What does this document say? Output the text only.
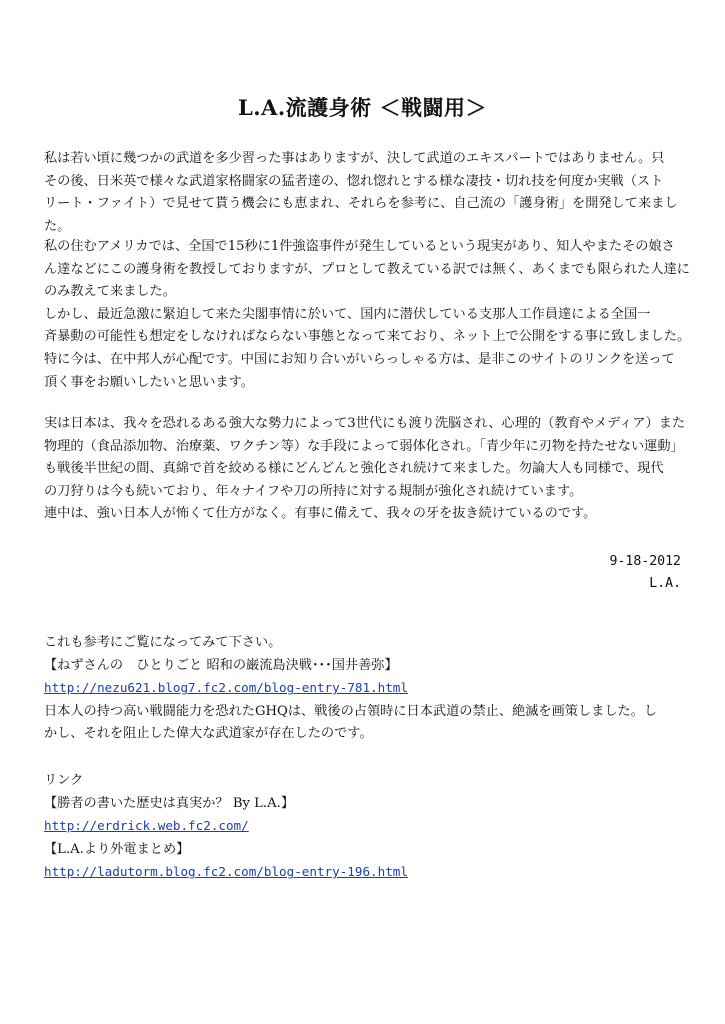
L.A.流護身術 ＜戦闘用＞

私は若い頃に幾つかの武道を多少習った事はありますが、決して武道のエキスパートではありません。只

その後、日米英で様々な武道家格闘家の猛者達の、惚れ惚れとする様な凄技・切れ技を何度か実戦（スト

リート・ファイト）で見せて貰う機会にも恵まれ、それらを参考に、自己流の「護身術」を開発して来ました。

私の住むアメリカでは、全国で15秒に1件強盗事件が発生しているという現実があり、知人やまたその娘さ

ん達などにこの護身術を教授しておりますが、プロとして教えている訳では無く、あくまでも限られた人達に

のみ教えて来ました。

しかし、最近急激に緊迫して来た尖閣事情に於いて、国内に潜伏している支那人工作員達による全国一

斉暴動の可能性も想定をしなければならない事態となって来ており、ネット上で公開をする事に致しました。

特に今は、在中邦人が心配です。中国にお知り合いがいらっしゃる方は、是非このサイトのリンクを送って

頂く事をお願いしたいと思います。

実は日本は、我々を恐れるある強大な勢力によって3世代にも渡り洗脳され、心理的（教育やメディア）また

物理的（食品添加物、治療薬、ワクチン等）な手段によって弱体化され。「青少年に刃物を持たせない運動」

も戦後半世紀の間、真綿で首を絞める様にどんどんと強化され続けて来ました。勿論大人も同様で、現代

の刀狩りは今も続いており、年々ナイフや刀の所持に対する規制が強化され続けています。

連中は、強い日本人が怖くて仕方がなく。有事に備えて、我々の牙を抜き続けているのです。

9-18-2012
L.A.

これも参考にご覧になってみて下さい。

【ねずさんの　ひとりごと 昭和の巌流島決戦･･･国井善弥】

http://nezu621.blog7.fc2.com/blog-entry-781.html

日本人の持つ高い戦闘能力を恐れたGHQは、戦後の占領時に日本武道の禁止、絶滅を画策しました。し

かし、それを阻止した偉大な武道家が存在したのです。

リンク

【勝者の書いた歴史は真実か？ By L.A.】

http://erdrick.web.fc2.com/

【L.A.より外電まとめ】

http://ladutorm.blog.fc2.com/blog-entry-196.html
